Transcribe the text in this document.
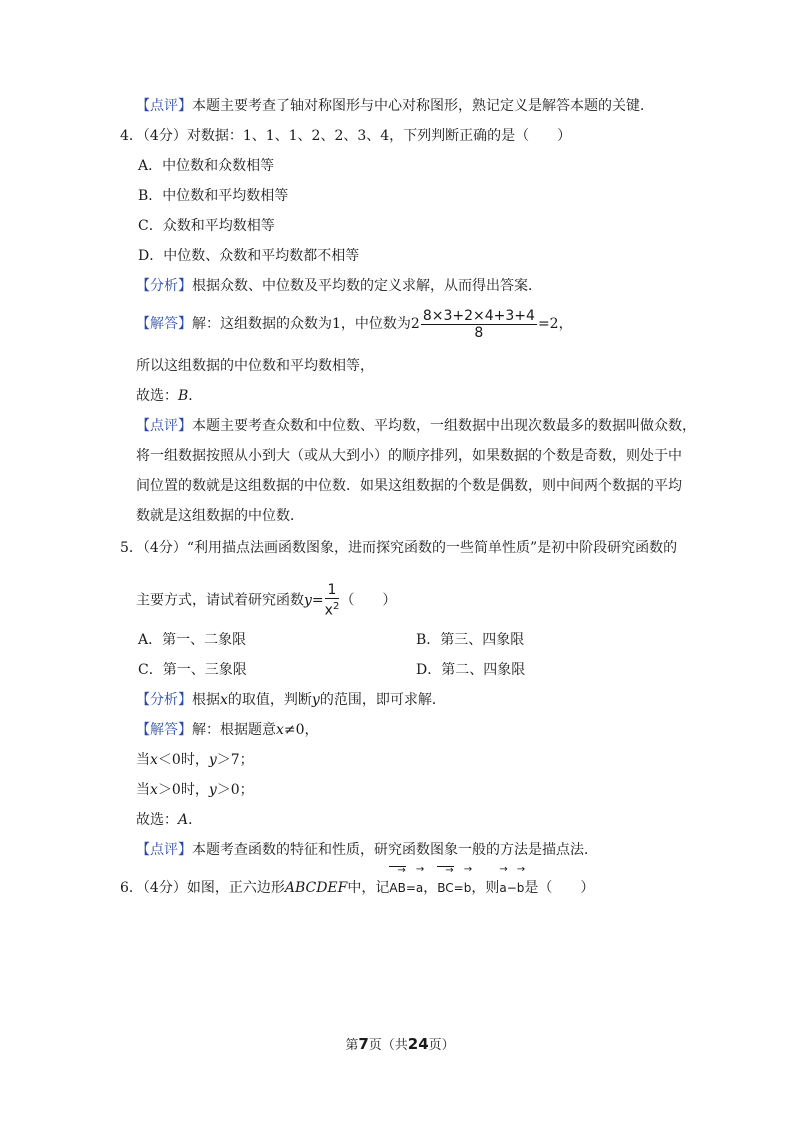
【点评】本题主要考查了轴对称图形与中心对称图形，熟记定义是解答本题的关键．
4．（4分）对数据：1、1、1、2、2、3、4，下列判断正确的是（　　）
A．中位数和众数相等
B．中位数和平均数相等
C．众数和平均数相等
D．中位数、众数和平均数都不相等
【分析】根据众数、中位数及平均数的定义求解，从而得出答案．
【解答】解：这组数据的众数为1，中位数为$2 \frac{8\times 3+2\times 4+3+4}{8} =2$，
所以这组数据的中位数和平均数相等，
故选：B．
【点评】本题主要考查众数和中位数、平均数，一组数据中出现次数最多的数据叫做众数，
将一组数据按照从小到大（或从大到小）的顺序排列，如果数据的个数是奇数，则处于中
间位置的数就是这组数据的中位数．如果这组数据的个数是偶数，则中间两个数据的平均
数就是这组数据的中位数．
5．（4分）“利用描点法画函数图象，进而探究函数的一些简单性质”是初中阶段研究函数的
主要方式，请试着研究函数$y= \frac{1}{x^2}$ （　　）
A．第一、二象限	B．第三、四象限
C．第一、三象限	D．第二、四象限
【分析】根据x的取值，判断y的范围，即可求解．
【解答】解：根据题意x≠0，
当x＜0时，y＞7；
当x＞0时，y＞0；
故选：A．
【点评】本题考查函数的特征和性质，研究函数图象一般的方法是描点法．
6．（4分）如图，正六边形ABCDEF中，记
→
AB=
→
a，
→
BC=
→
b，则
→
a−
→
b是（　　）
第7页（共24页）
